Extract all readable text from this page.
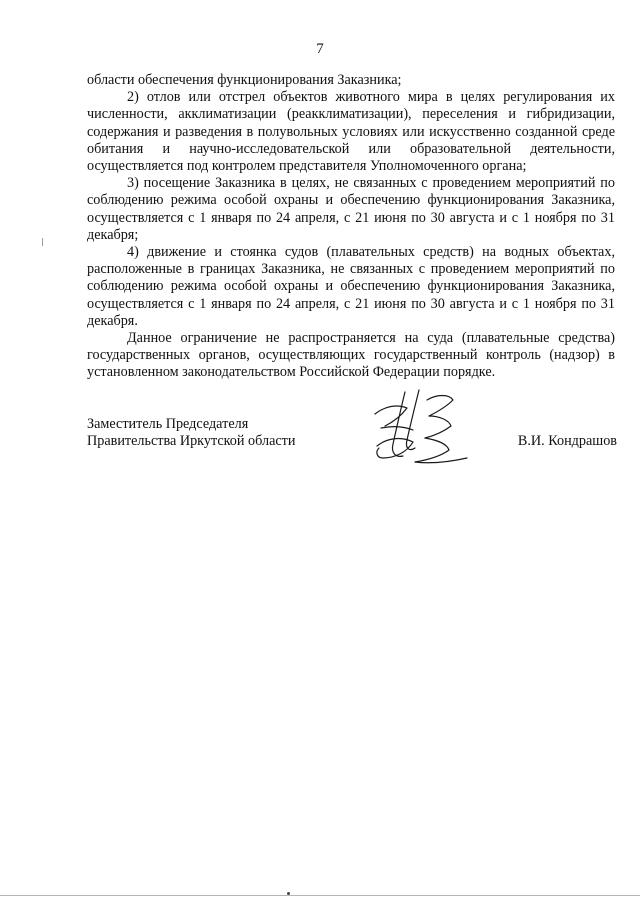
7

области обеспечения функционирования Заказника;

2) отлов или отстрел объектов животного мира в целях регулирования их численности, акклиматизации (реакклиматизации), переселения и гибридизации, содержания и разведения в полувольных условиях или искусственно созданной среде обитания и научно-исследовательской или образовательной деятельности, осуществляется под контролем представителя Уполномоченного органа;

3) посещение Заказника в целях, не связанных с проведением мероприятий по соблюдению режима особой охраны и обеспечению функционирования Заказника, осуществляется с 1 января по 24 апреля, с 21 июня по 30 августа и с 1 ноября по 31 декабря;

4) движение и стоянка судов (плавательных средств) на водных объектах, расположенные в границах Заказника, не связанных с проведением мероприятий по соблюдению режима особой охраны и обеспечению функционирования Заказника, осуществляется с 1 января по 24 апреля, с 21 июня по 30 августа и с 1 ноября по 31 декабря.

Данное ограничение не распространяется на суда (плавательные средства) государственных органов, осуществляющих государственный контроль (надзор) в установленном законодательством Российской Федерации порядке.

Заместитель Председателя
Правительства Иркутской области	В.И. Кондрашов
